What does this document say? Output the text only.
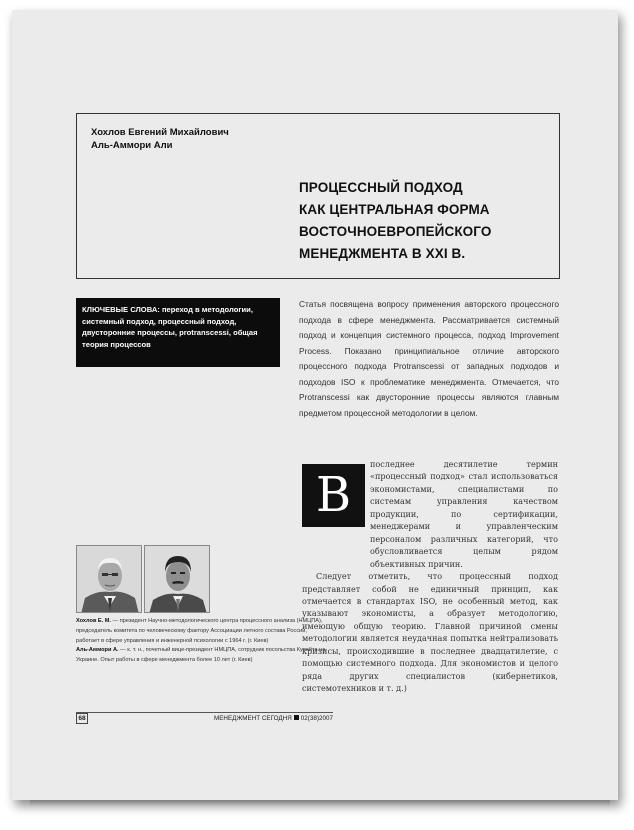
Хохлов Евгений Михайлович
Аль-Аммори Али
ПРОЦЕССНЫЙ ПОДХОД
КАК ЦЕНТРАЛЬНАЯ ФОРМА
ВОСТОЧНОЕВРОПЕЙСКОГО
МЕНЕДЖМЕНТА В XXI В.
КЛЮЧЕВЫЕ СЛОВА: переход в методологии, системный подход, процессный подход, двусторонние процессы, protranscessi, общая теория процессов
Статья посвящена вопросу применения авторского процессного подхода в сфере менеджмента. Рассматривается системный подход и концепция системного процесса, подход Improvement Process. Показано принципиальное отличие авторского процессного подхода Protranscessi от западных подходов и подходов ISO к проблематике менеджмента. Отмечается, что Protranscessi как двусторонние процессы являются главным предметом процессной методологии в целом.

последнее десятилетие термин «процессный подход» стал использоваться экономистами, специалистами по системам управления качеством продукции, по сертификации, менеджерами и управленческим персоналом различных категорий, что обусловливается целым рядом объективных причин.

Следует отметить, что процессный подход представляет собой не единичный принцип, как отмечается в стандартах ISO, не особенный метод, как указывают экономисты, а образует методологию, имеющую общую теорию. Главной причиной смены методологии является неудачная попытка нейтрализовать кризисы, происходившие в последнее двадцатилетие, с помощью системного подхода. Для экономистов и целого ряда других специалистов (кибернетиков, системотехников и т. д.)

В

Хохлов Е. М. — президент Научно-методологического центра процессного анализа (НМЦПА), председатель комитета по человеческому фактору Ассоциации летного состава России, работает в сфере управления и инженерной психологии с 1964 г. (г. Киев)

Аль-Аммори А. — к. т. н., почетный вице-президент НМЦПА, сотрудник посольства Кувейта на Украине. Опыт работы в сфере менеджмента более 10 лет (г. Киев)

68	МЕНЕДЖМЕНТ СЕГОДНЯ 02(38)2007
